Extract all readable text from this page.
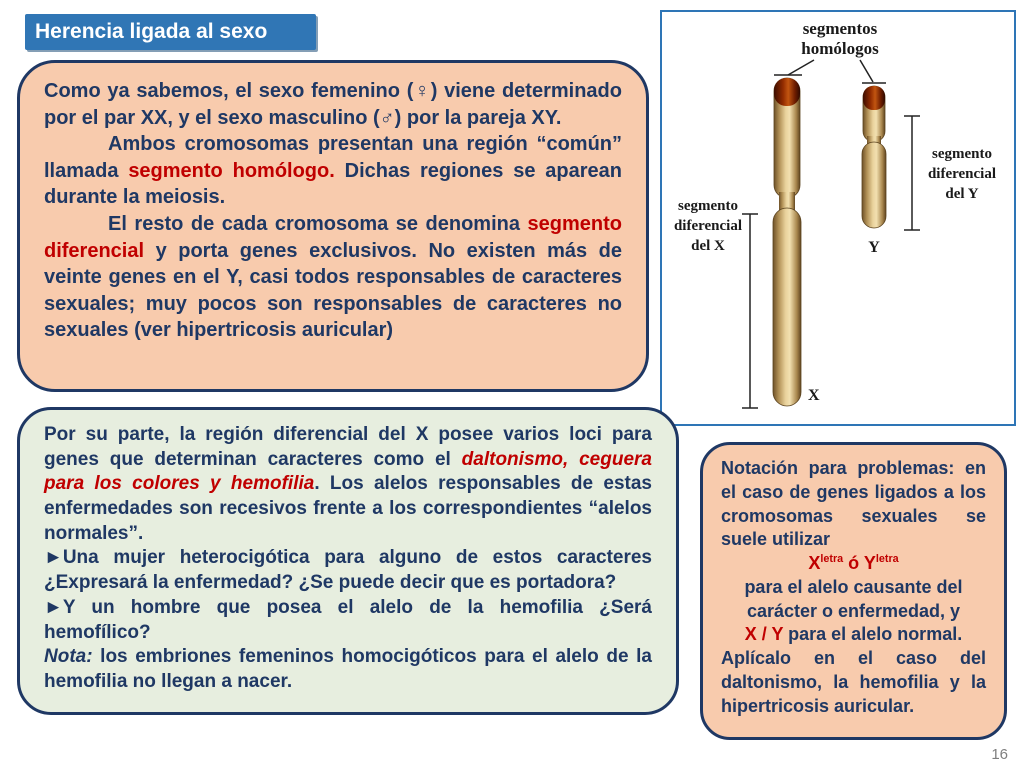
Herencia ligada al sexo

Como ya sabemos, el sexo femenino (♀) viene determinado por el par XX, y el sexo masculino (♂) por la pareja XY.

Ambos cromosomas presentan una región “común” llamada segmento homólogo. Dichas regiones se aparean durante la meiosis.

El resto de cada cromosoma se denomina segmento diferencial y porta genes exclusivos. No existen más de veinte genes en el Y, casi todos responsables de caracteres sexuales; muy pocos son responsables de caracteres no sexuales (ver hipertricosis auricular)

segmentos
homólogos
X
Y
segmento
diferencial
del X
segmento
diferencial
del Y

Por su parte, la región diferencial del X posee varios loci para genes que determinan caracteres como el daltonismo, ceguera para los colores y hemofilia. Los alelos responsables de estas enfermedades son recesivos frente a los correspondientes “alelos normales”.

►Una mujer heterocigótica para alguno de estos caracteres ¿Expresará la enfermedad? ¿Se puede decir que es portadora?

►Y un hombre que posea el alelo de la hemofilia ¿Será hemofílico?

Nota: los embriones femeninos homocigóticos para el alelo de la hemofilia no llegan a nacer.

Notación para problemas: en el caso de genes ligados a los cromosomas sexuales se suele utilizar

$X^{letra}$ ó $Y^{letra}$

para el alelo causante del carácter o enfermedad, y

X / Y para el alelo normal.

Aplícalo en el caso del daltonismo, la hemofilia y la hipertricosis auricular.

16
